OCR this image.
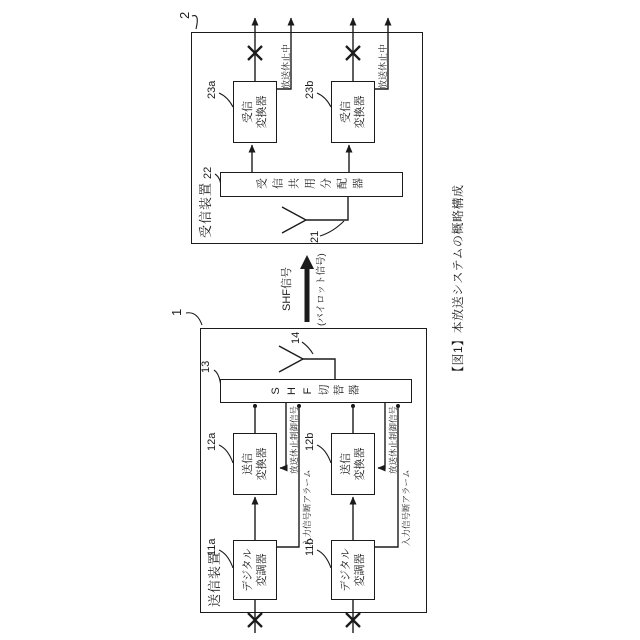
送信装置
受信装置
1
2
デジタル 変調器	デジタル 変調器
送信 変換器	送信 変換器
SHF切替器
受信共用分配器
受信 変換器	受信 変換器
11a	11b
12a	12b
13
14
21
22
23a	23b
入力信号断アラーム	入力信号断アラーム
放送休止制御信号	放送休止制御信号
放送休止中	放送休止中
SHF信号	(パイロット信号)	【図1】本放送システムの概略構成
